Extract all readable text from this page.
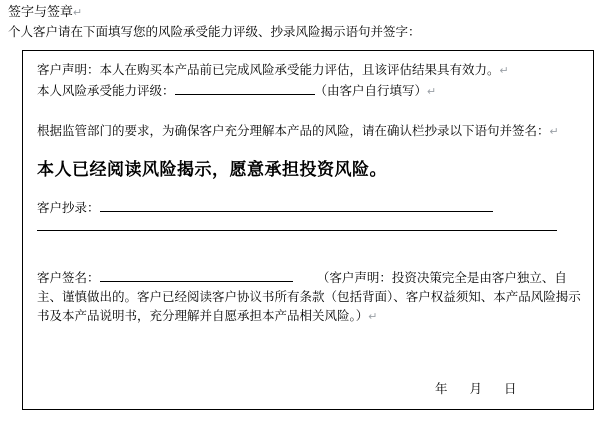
签字与签章↵
个人客户请在下面填写您的风险承受能力评级、抄录风险揭示语句并签字：
客户声明：本人在购买本产品前已完成风险承受能力评估，且该评估结果具有效力。↵
本人风险承受能力评级：	（由客户自行填写）↵
根据监管部门的要求，为确保客户充分理解本产品的风险，请在确认栏抄录以下语句并签名：↵
本人已经阅读风险揭示，愿意承担投资风险。
客户抄录：
客户签名：	（客户声明：投资决策完全是由客户独立、自主、谨慎做出的。客户已经阅读客户协议书所有条款（包括背面）、客户权益须知、本产品风险揭示书及本产品说明书，充分理解并自愿承担本产品相关风险。）↵
年月日
